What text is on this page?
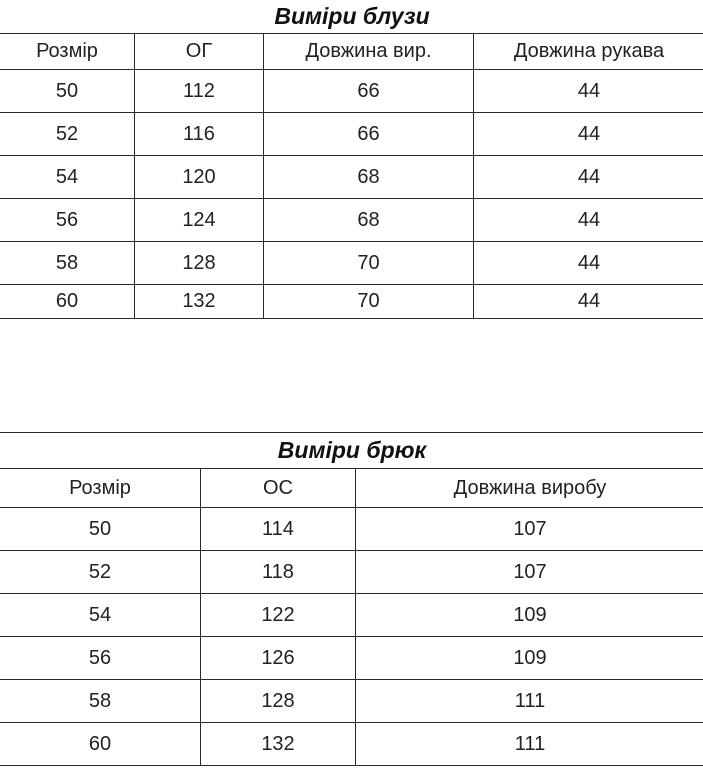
Виміри блузи			
Розмір	ОГ	Довжина вир.	Довжина рукава
50	112	66	44
52	116	66	44
54	120	68	44
56	124	68	44
58	128	70	44
60	132	70	44
Виміри брюк		
Розмір	ОС	Довжина виробу
50	114	107
52	118	107
54	122	109
56	126	109
58	128	111
60	132	111
